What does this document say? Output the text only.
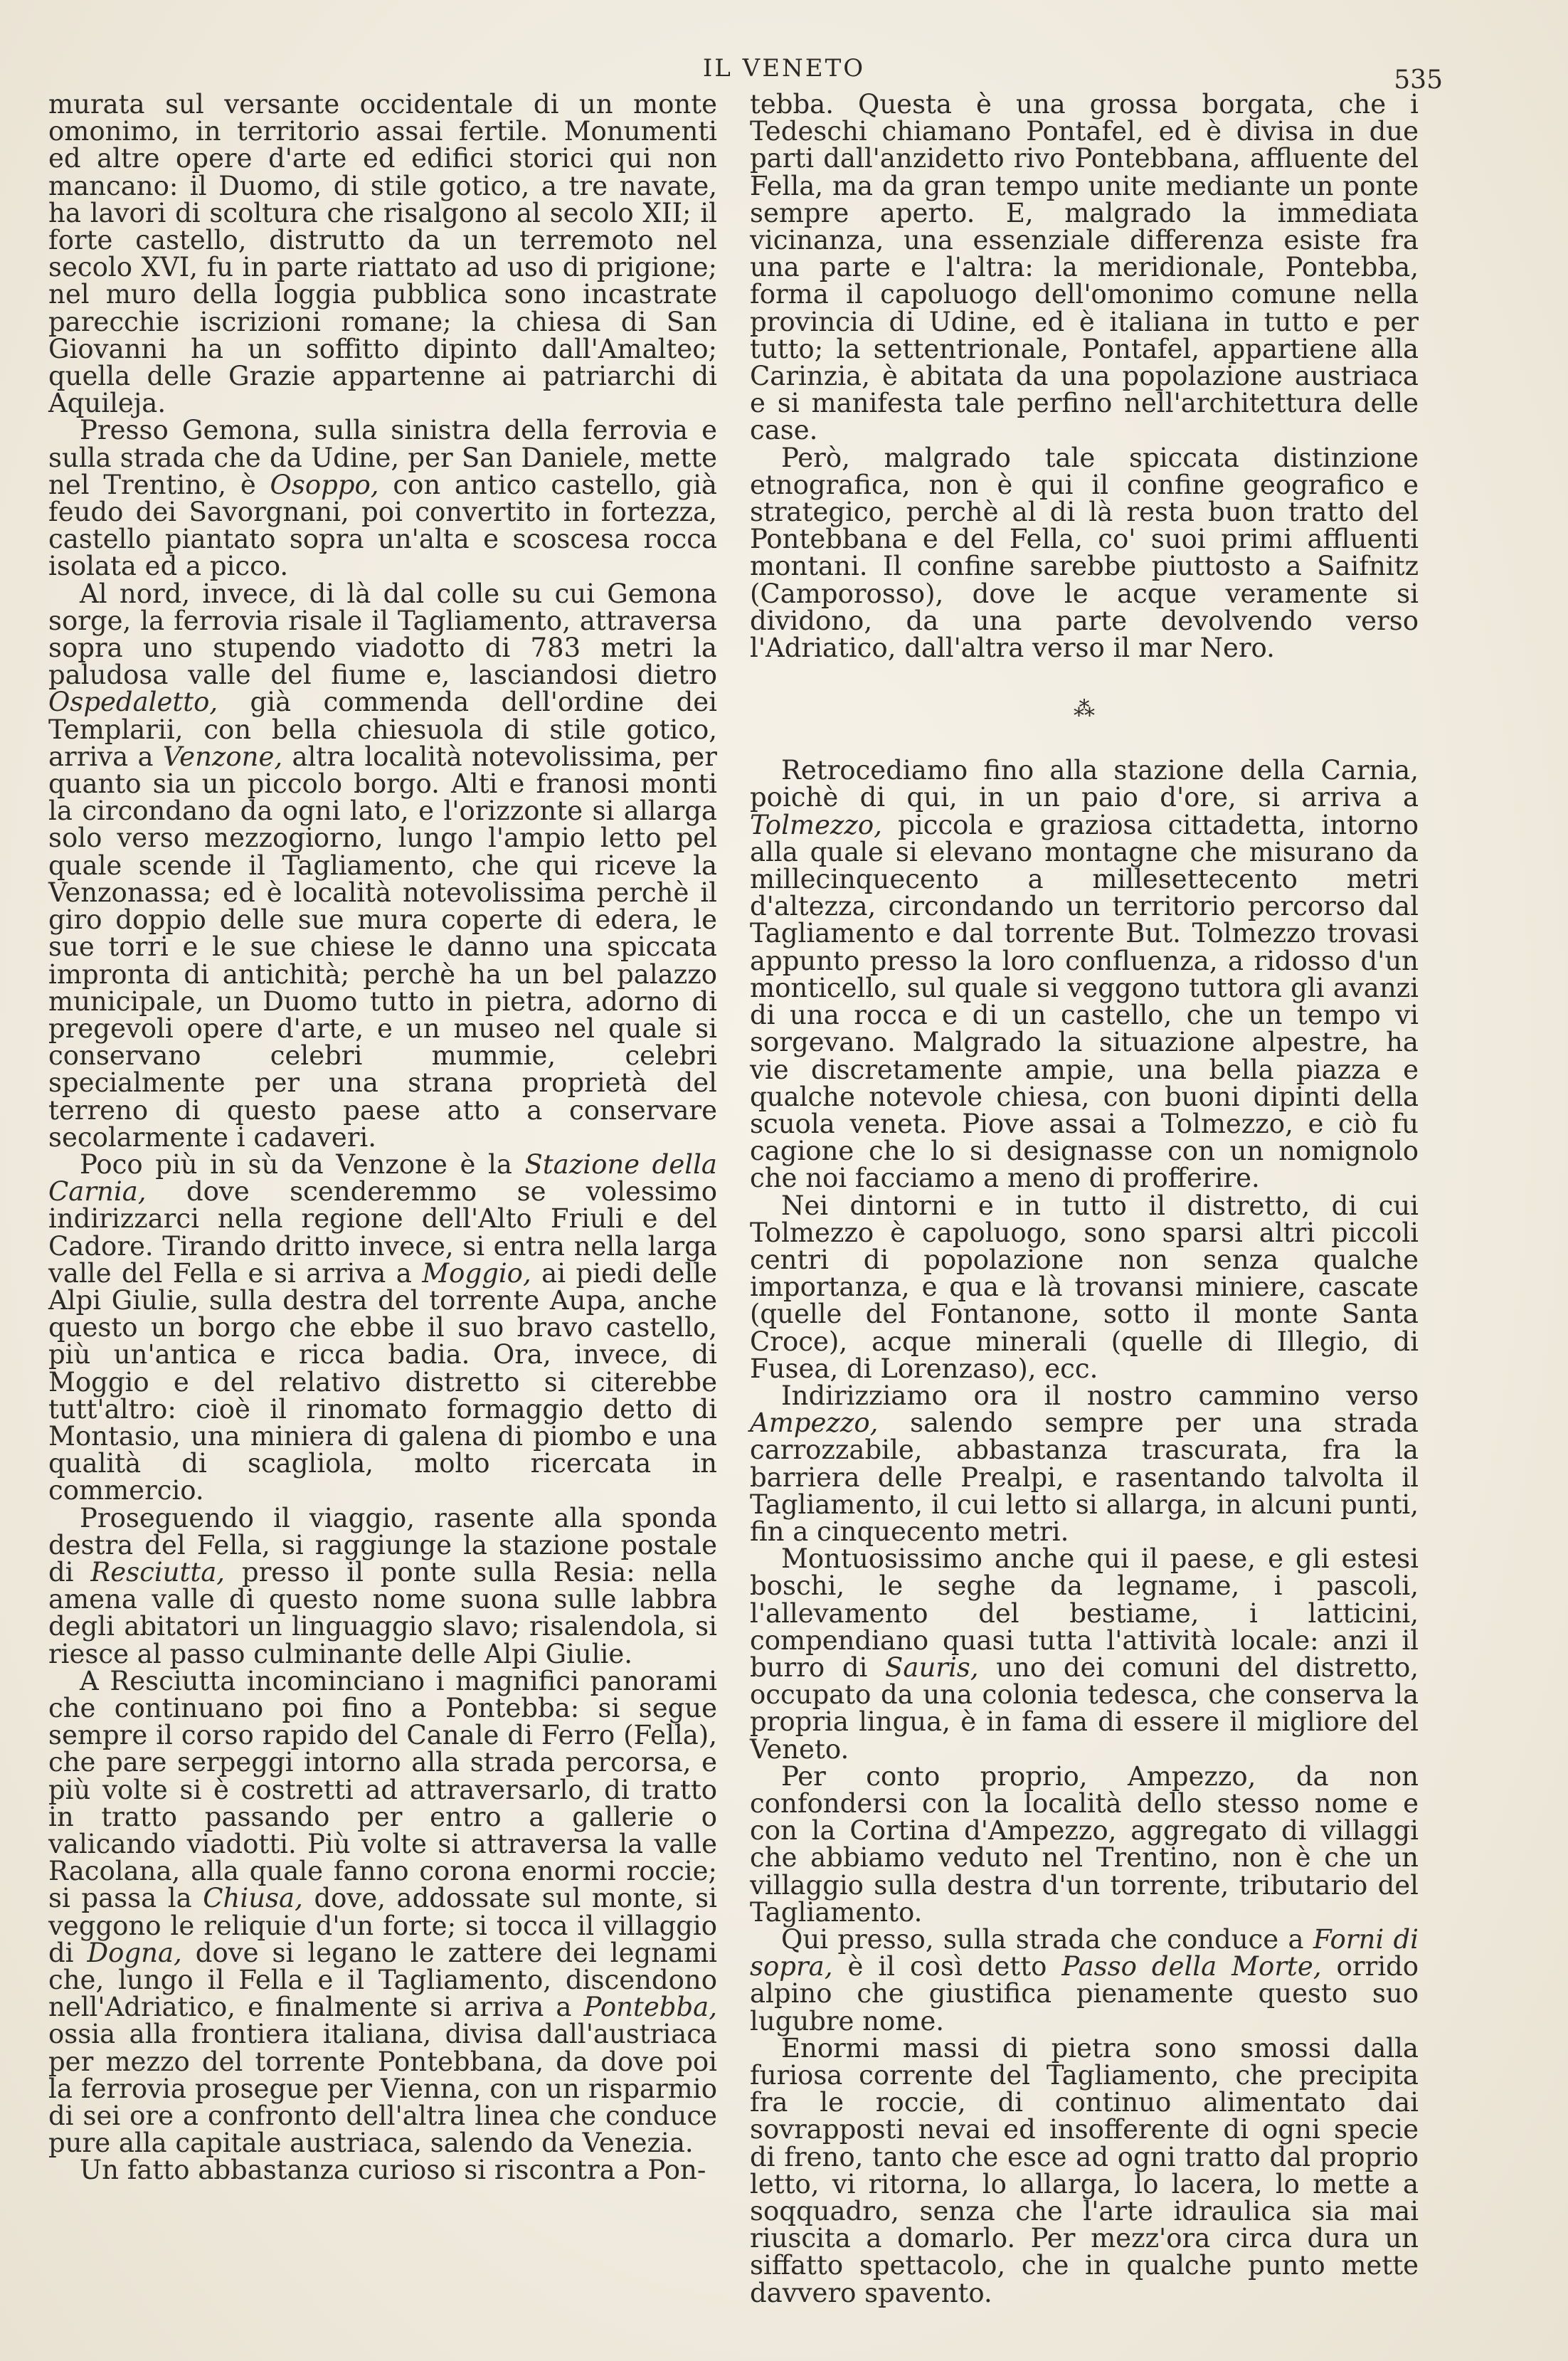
IL VENETO	535

murata sul versante occidentale di un monte omonimo, in territorio assai fertile. Monumenti ed altre opere d'arte ed edifici storici qui non mancano: il Duomo, di stile gotico, a tre navate, ha lavori di scoltura che risalgono al secolo XII; il forte castello, distrutto da un terremoto nel secolo XVI, fu in parte riattato ad uso di prigione; nel muro della loggia pubblica sono incastrate parecchie iscrizioni romane; la chiesa di San Giovanni ha un soffitto dipinto dall'Amalteo; quella delle Grazie appartenne ai patriarchi di Aquileja.

Presso Gemona, sulla sinistra della ferrovia e sulla strada che da Udine, per San Daniele, mette nel Trentino, è Osoppo, con antico castello, già feudo dei Savorgnani, poi convertito in fortezza, castello piantato sopra un'alta e scoscesa rocca isolata ed a picco.

Al nord, invece, di là dal colle su cui Gemona sorge, la ferrovia risale il Tagliamento, attraversa sopra uno stupendo viadotto di 783 metri la paludosa valle del fiume e, lasciandosi dietro Ospedaletto, già commenda dell'ordine dei Templarii, con bella chiesuola di stile gotico, arriva a Venzone, altra località notevolissima, per quanto sia un piccolo borgo. Alti e franosi monti la circondano da ogni lato, e l'orizzonte si allarga solo verso mezzogiorno, lungo l'ampio letto pel quale scende il Tagliamento, che qui riceve la Venzonassa; ed è località notevolissima perchè il giro doppio delle sue mura coperte di edera, le sue torri e le sue chiese le danno una spiccata impronta di antichità; perchè ha un bel palazzo municipale, un Duomo tutto in pietra, adorno di pregevoli opere d'arte, e un museo nel quale si conservano celebri mummie, celebri specialmente per una strana proprietà del terreno di questo paese atto a conservare secolarmente i cadaveri.

Poco più in sù da Venzone è la Stazione della Carnia, dove scenderemmo se volessimo indirizzarci nella regione dell'Alto Friuli e del Cadore. Tirando dritto invece, si entra nella larga valle del Fella e si arriva a Moggio, ai piedi delle Alpi Giulie, sulla destra del torrente Aupa, anche questo un borgo che ebbe il suo bravo castello, più un'antica e ricca badia. Ora, invece, di Moggio e del relativo distretto si citerebbe tutt'altro: cioè il rinomato formaggio detto di Montasio, una miniera di galena di piombo e una qualità di scagliola, molto ricercata in commercio.

Proseguendo il viaggio, rasente alla sponda destra del Fella, si raggiunge la stazione postale di Resciutta, presso il ponte sulla Resia: nella amena valle di questo nome suona sulle labbra degli abitatori un linguaggio slavo; risalendola, si riesce al passo culminante delle Alpi Giulie.

A Resciutta incominciano i magnifici panorami che continuano poi fino a Pontebba: si segue sempre il corso rapido del Canale di Ferro (Fella), che pare serpeggi intorno alla strada percorsa, e più volte si è costretti ad attraversarlo, di tratto in tratto passando per entro a gallerie o valicando viadotti. Più volte si attraversa la valle Racolana, alla quale fanno corona enormi roccie; si passa la Chiusa, dove, addossate sul monte, si veggono le reliquie d'un forte; si tocca il villaggio di Dogna, dove si legano le zattere dei legnami che, lungo il Fella e il Tagliamento, discendono nell'Adriatico, e finalmente si arriva a Pontebba, ossia alla frontiera italiana, divisa dall'austriaca per mezzo del torrente Pontebbana, da dove poi la ferrovia prosegue per Vienna, con un risparmio di sei ore a confronto dell'altra linea che conduce pure alla capitale austriaca, salendo da Venezia.

Un fatto abbastanza curioso si riscontra a Pon-

tebba. Questa è una grossa borgata, che i Tedeschi chiamano Pontafel, ed è divisa in due parti dall'anzidetto rivo Pontebbana, affluente del Fella, ma da gran tempo unite mediante un ponte sempre aperto. E, malgrado la immediata vicinanza, una essenziale differenza esiste fra una parte e l'altra: la meridionale, Pontebba, forma il capoluogo dell'omonimo comune nella provincia di Udine, ed è italiana in tutto e per tutto; la settentrionale, Pontafel, appartiene alla Carinzia, è abitata da una popolazione austriaca e si manifesta tale perfino nell'architettura delle case.

Però, malgrado tale spiccata distinzione etnografica, non è qui il confine geografico e strategico, perchè al di là resta buon tratto del Pontebbana e del Fella, co' suoi primi affluenti montani. Il confine sarebbe piuttosto a Saifnitz (Camporosso), dove le acque veramente si dividono, da una parte devolvendo verso l'Adriatico, dall'altra verso il mar Nero.

⁂

Retrocediamo fino alla stazione della Carnia, poichè di qui, in un paio d'ore, si arriva a Tolmezzo, piccola e graziosa cittadetta, intorno alla quale si elevano montagne che misurano da millecinquecento a millesettecento metri d'altezza, circondando un territorio percorso dal Tagliamento e dal torrente But. Tolmezzo trovasi appunto presso la loro confluenza, a ridosso d'un monticello, sul quale si veggono tuttora gli avanzi di una rocca e di un castello, che un tempo vi sorgevano. Malgrado la situazione alpestre, ha vie discretamente ampie, una bella piazza e qualche notevole chiesa, con buoni dipinti della scuola veneta. Piove assai a Tolmezzo, e ciò fu cagione che lo si designasse con un nomignolo che noi facciamo a meno di profferire.

Nei dintorni e in tutto il distretto, di cui Tolmezzo è capoluogo, sono sparsi altri piccoli centri di popolazione non senza qualche importanza, e qua e là trovansi miniere, cascate (quelle del Fontanone, sotto il monte Santa Croce), acque minerali (quelle di Illegio, di Fusea, di Lorenzaso), ecc.

Indirizziamo ora il nostro cammino verso Ampezzo, salendo sempre per una strada carrozzabile, abbastanza trascurata, fra la barriera delle Prealpi, e rasentando talvolta il Tagliamento, il cui letto si allarga, in alcuni punti, fin a cinquecento metri.

Montuosissimo anche qui il paese, e gli estesi boschi, le seghe da legname, i pascoli, l'allevamento del bestiame, i latticini, compendiano quasi tutta l'attività locale: anzi il burro di Sauris, uno dei comuni del distretto, occupato da una colonia tedesca, che conserva la propria lingua, è in fama di essere il migliore del Veneto.

Per conto proprio, Ampezzo, da non confondersi con la località dello stesso nome e con la Cortina d'Ampezzo, aggregato di villaggi che abbiamo veduto nel Trentino, non è che un villaggio sulla destra d'un torrente, tributario del Tagliamento.

Qui presso, sulla strada che conduce a Forni di sopra, è il così detto Passo della Morte, orrido alpino che giustifica pienamente questo suo lugubre nome.

Enormi massi di pietra sono smossi dalla furiosa corrente del Tagliamento, che precipita fra le roccie, di continuo alimentato dai sovrapposti nevai ed insofferente di ogni specie di freno, tanto che esce ad ogni tratto dal proprio letto, vi ritorna, lo allarga, lo lacera, lo mette a soqquadro, senza che l'arte idraulica sia mai riuscita a domarlo. Per mezz'ora circa dura un siffatto spettacolo, che in qualche punto mette davvero spavento.
